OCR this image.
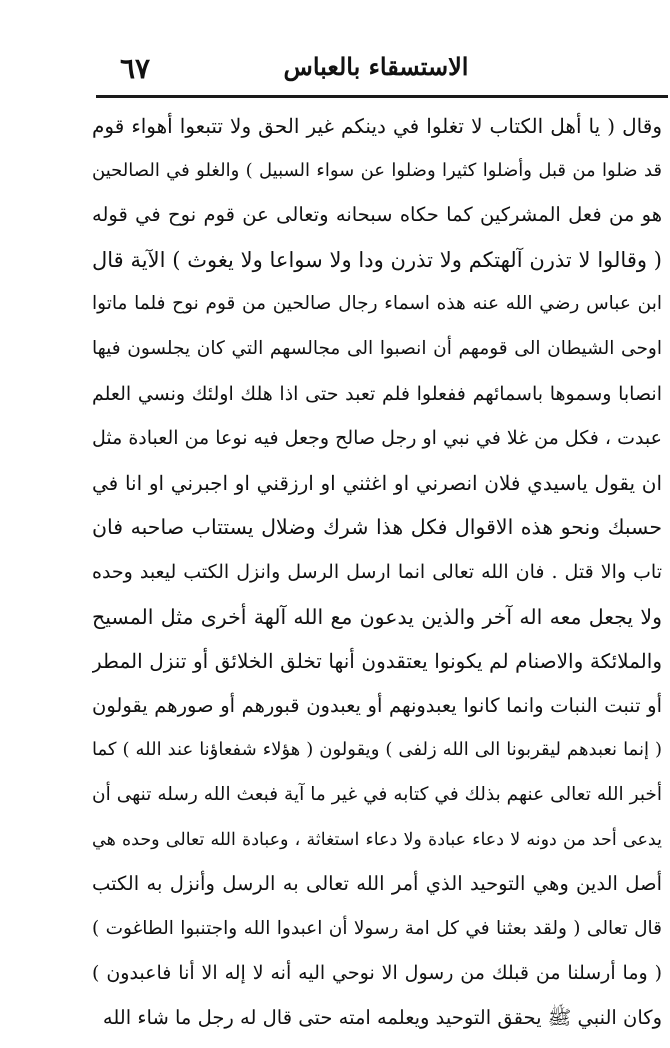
٦٧	الاستسقاء بالعباس
وقال ( يا أهل الكتاب لا تغلوا في دينكم غير الحق ولا تتبعوا أهواء قوم
قد ضلوا من قبل وأضلوا كثيرا وضلوا عن سواء السبيل ) والغلو في الصالحين
هو من فعل المشركين كما حكاه سبحانه وتعالى عن قوم نوح في قوله
( وقالوا لا تذرن آلهتكم ولا تذرن ودا ولا سواعا ولا يغوث ) الآية قال
ابن عباس رضي الله عنه هذه اسماء رجال صالحين من قوم نوح فلما ماتوا
اوحى الشيطان الى قومهم أن انصبوا الى مجالسهم التي كان يجلسون فيها
انصابا وسموها باسمائهم ففعلوا فلم تعبد حتى اذا هلك اولئك ونسي العلم
عبدت ، فكل من غلا في نبي او رجل صالح وجعل فيه نوعا من العبادة مثل
ان يقول ياسيدي فلان انصرني او اغثني او ارزقني او اجبرني او انا في
حسبك ونحو هذه الاقوال فكل هذا شرك وضلال يستتاب صاحبه فان
تاب والا قتل . فان الله تعالى انما ارسل الرسل وانزل الكتب ليعبد وحده
ولا يجعل معه اله آخر والذين يدعون مع الله آلهة أخرى مثل المسيح
والملائكة والاصنام لم يكونوا يعتقدون أنها تخلق الخلائق أو تنزل المطر
أو تنبت النبات وانما كانوا يعبدونهم أو يعبدون قبورهم أو صورهم يقولون
( إنما نعبدهم ليقربونا الى الله زلفى ) ويقولون ( هؤلاء شفعاؤنا عند الله ) كما
أخبر الله تعالى عنهم بذلك في كتابه في غير ما آية فبعث الله رسله تنهى أن
يدعى أحد من دونه لا دعاء عبادة ولا دعاء استغاثة ، وعبادة الله تعالى وحده هي
أصل الدين وهي التوحيد الذي أمر الله تعالى به الرسل وأنزل به الكتب
قال تعالى ( ولقد بعثنا في كل امة رسولا أن اعبدوا الله واجتنبوا الطاغوت )
( وما أرسلنا من قبلك من رسول الا نوحي اليه أنه لا إله الا أنا فاعبدون )
وكان النبي ﷺ يحقق التوحيد ويعلمه امته حتى قال له رجل ما شاء الله
